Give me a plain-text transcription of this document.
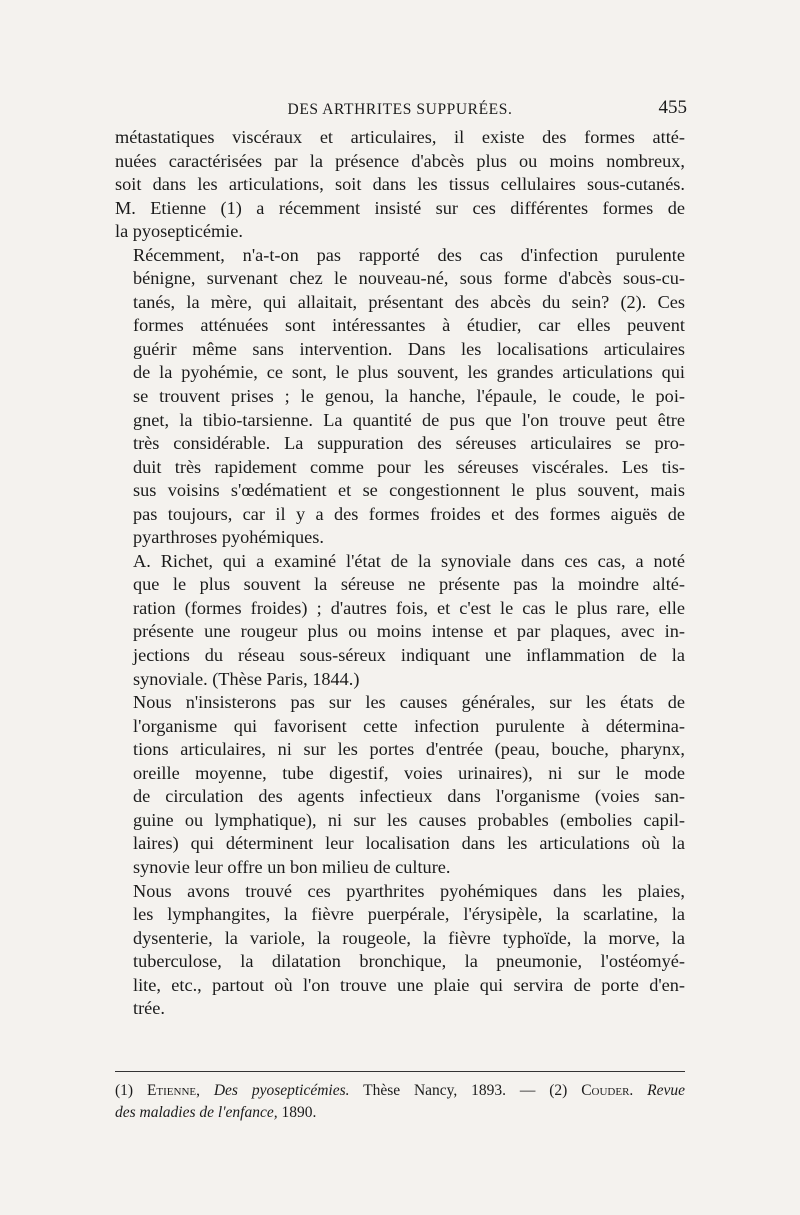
DES ARTHRITES SUPPURÉES.	455

métastatiques viscéraux et articulaires, il existe des formes atté-
nuées caractérisées par la présence d'abcès plus ou moins nombreux,
soit dans les articulations, soit dans les tissus cellulaires sous-cutanés.
M. Etienne (1) a récemment insisté sur ces différentes formes de
la pyosepticémie.

Récemment, n'a-t-on pas rapporté des cas d'infection purulente
bénigne, survenant chez le nouveau-né, sous forme d'abcès sous-cu-
tanés, la mère, qui allaitait, présentant des abcès du sein? (2). Ces
formes atténuées sont intéressantes à étudier, car elles peuvent
guérir même sans intervention. Dans les localisations articulaires
de la pyohémie, ce sont, le plus souvent, les grandes articulations qui
se trouvent prises ; le genou, la hanche, l'épaule, le coude, le poi-
gnet, la tibio-tarsienne. La quantité de pus que l'on trouve peut être
très considérable. La suppuration des séreuses articulaires se pro-
duit très rapidement comme pour les séreuses viscérales. Les tis-
sus voisins s'œdématient et se congestionnent le plus souvent, mais
pas toujours, car il y a des formes froides et des formes aiguës de
pyarthroses pyohémiques.

A. Richet, qui a examiné l'état de la synoviale dans ces cas, a noté
que le plus souvent la séreuse ne présente pas la moindre alté-
ration (formes froides) ; d'autres fois, et c'est le cas le plus rare, elle
présente une rougeur plus ou moins intense et par plaques, avec in-
jections du réseau sous-séreux indiquant une inflammation de la
synoviale. (Thèse Paris, 1844.)

Nous n'insisterons pas sur les causes générales, sur les états de
l'organisme qui favorisent cette infection purulente à détermina-
tions articulaires, ni sur les portes d'entrée (peau, bouche, pharynx,
oreille moyenne, tube digestif, voies urinaires), ni sur le mode
de circulation des agents infectieux dans l'organisme (voies san-
guine ou lymphatique), ni sur les causes probables (embolies capil-
laires) qui déterminent leur localisation dans les articulations où la
synovie leur offre un bon milieu de culture.

Nous avons trouvé ces pyarthrites pyohémiques dans les plaies,
les lymphangites, la fièvre puerpérale, l'érysipèle, la scarlatine, la
dysenterie, la variole, la rougeole, la fièvre typhoïde, la morve, la
tuberculose, la dilatation bronchique, la pneumonie, l'ostéomyé-
lite, etc., partout où l'on trouve une plaie qui servira de porte d'en-
trée.

(1) Etienne, Des pyosepticémies. Thèse Nancy, 1893. — (2) Couder. Revue
des maladies de l'enfance, 1890.
